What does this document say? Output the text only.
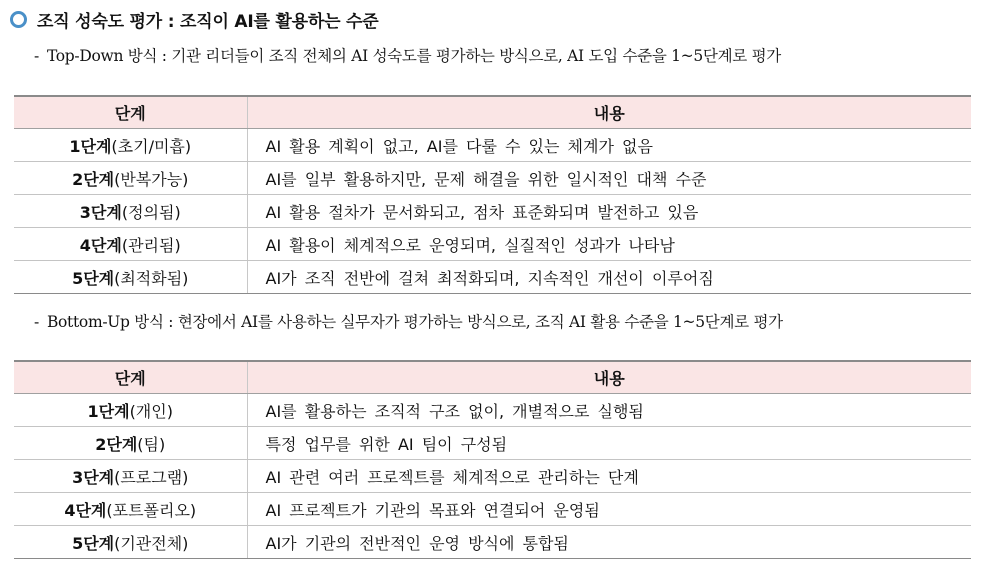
조직 성숙도 평가 : 조직이 AI를 활용하는 수준
- Top-Down 방식 : 기관 리더들이 조직 전체의 AI 성숙도를 평가하는 방식으로, AI 도입 수준을 1~5단계로 평가
단계	내용
1단계(초기/미흡)	AI 활용 계획이 없고, AI를 다룰 수 있는 체계가 없음
2단계(반복가능)	AI를 일부 활용하지만, 문제 해결을 위한 일시적인 대책 수준
3단계(정의됨)	AI 활용 절차가 문서화되고, 점차 표준화되며 발전하고 있음
4단계(관리됨)	AI 활용이 체계적으로 운영되며, 실질적인 성과가 나타남
5단계(최적화됨)	AI가 조직 전반에 걸쳐 최적화되며, 지속적인 개선이 이루어짐
- Bottom-Up 방식 : 현장에서 AI를 사용하는 실무자가 평가하는 방식으로, 조직 AI 활용 수준을 1~5단계로 평가
단계	내용
1단계(개인)	AI를 활용하는 조직적 구조 없이, 개별적으로 실행됨
2단계(팀)	특정 업무를 위한 AI 팀이 구성됨
3단계(프로그램)	AI 관련 여러 프로젝트를 체계적으로 관리하는 단계
4단계(포트폴리오)	AI 프로젝트가 기관의 목표와 연결되어 운영됨
5단계(기관전체)	AI가 기관의 전반적인 운영 방식에 통합됨
